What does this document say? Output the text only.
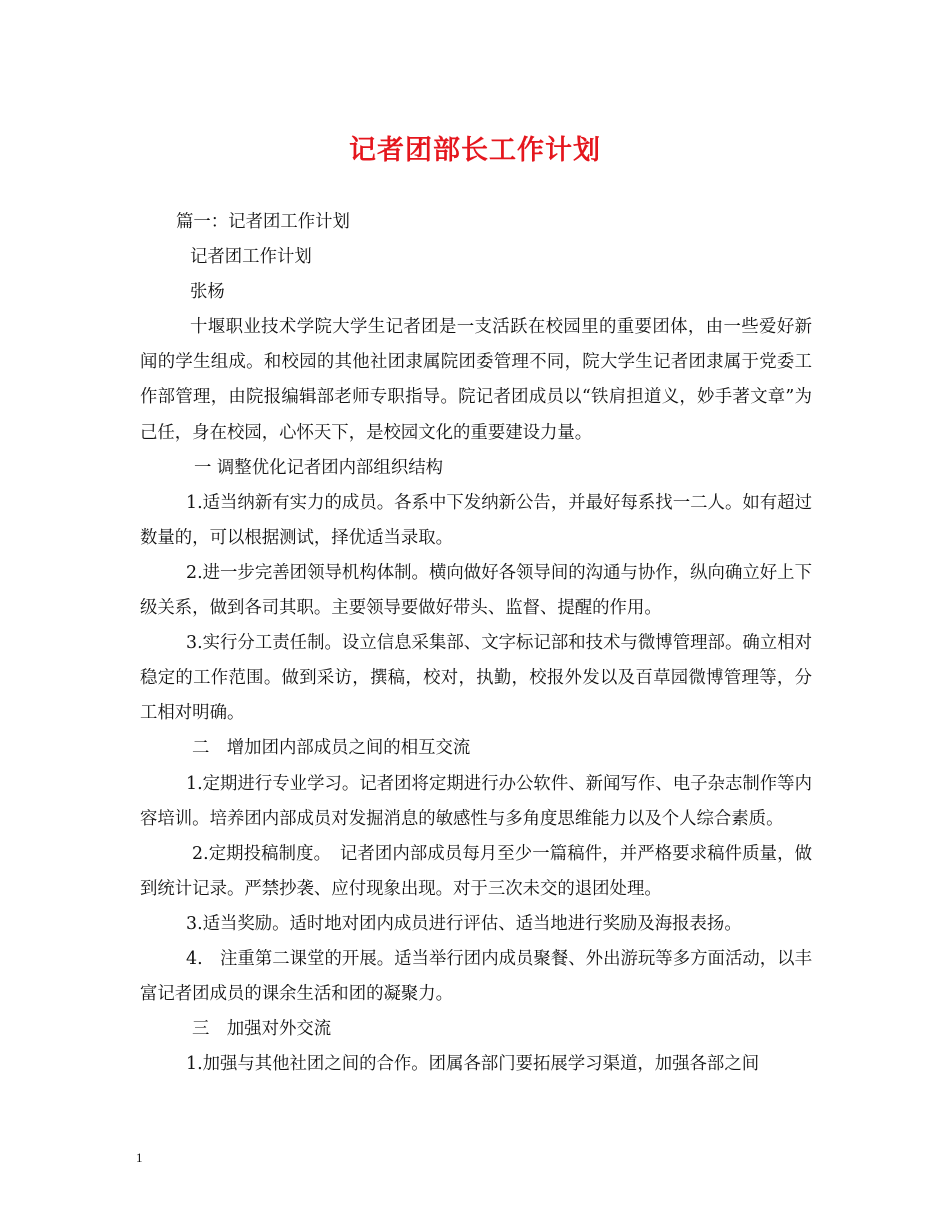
记者团部长工作计划

篇一：记者团工作计划

记者团工作计划

张杨

十堰职业技术学院大学生记者团是一支活跃在校园里的重要团体，由一些爱好新闻的学生组成。和校园的其他社团隶属院团委管理不同，院大学生记者团隶属于党委工作部管理，由院报编辑部老师专职指导。院记者团成员以“铁肩担道义，妙手著文章”为己任，身在校园，心怀天下，是校园文化的重要建设力量。

一 调整优化记者团内部组织结构

1.适当纳新有实力的成员。各系中下发纳新公告，并最好每系找一二人。如有超过数量的，可以根据测试，择优适当录取。

2.进一步完善团领导机构体制。横向做好各领导间的沟通与协作，纵向确立好上下级关系，做到各司其职。主要领导要做好带头、监督、提醒的作用。

3.实行分工责任制。设立信息采集部、文字标记部和技术与微博管理部。确立相对稳定的工作范围。做到采访，撰稿，校对，执勤，校报外发以及百草园微博管理等，分工相对明确。

二　增加团内部成员之间的相互交流

1.定期进行专业学习。记者团将定期进行办公软件、新闻写作、电子杂志制作等内容培训。培养团内部成员对发掘消息的敏感性与多角度思维能力以及个人综合素质。

2.定期投稿制度。　记者团内部成员每月至少一篇稿件，并严格要求稿件质量，做到统计记录。严禁抄袭、应付现象出现。对于三次未交的退团处理。

3.适当奖励。适时地对团内成员进行评估、适当地进行奖励及海报表扬。

4.　注重第二课堂的开展。适当举行团内成员聚餐、外出游玩等多方面活动，以丰富记者团成员的课余生活和团的凝聚力。

三　加强对外交流

1.加强与其他社团之间的合作。团属各部门要拓展学习渠道，加强各部之间

1
